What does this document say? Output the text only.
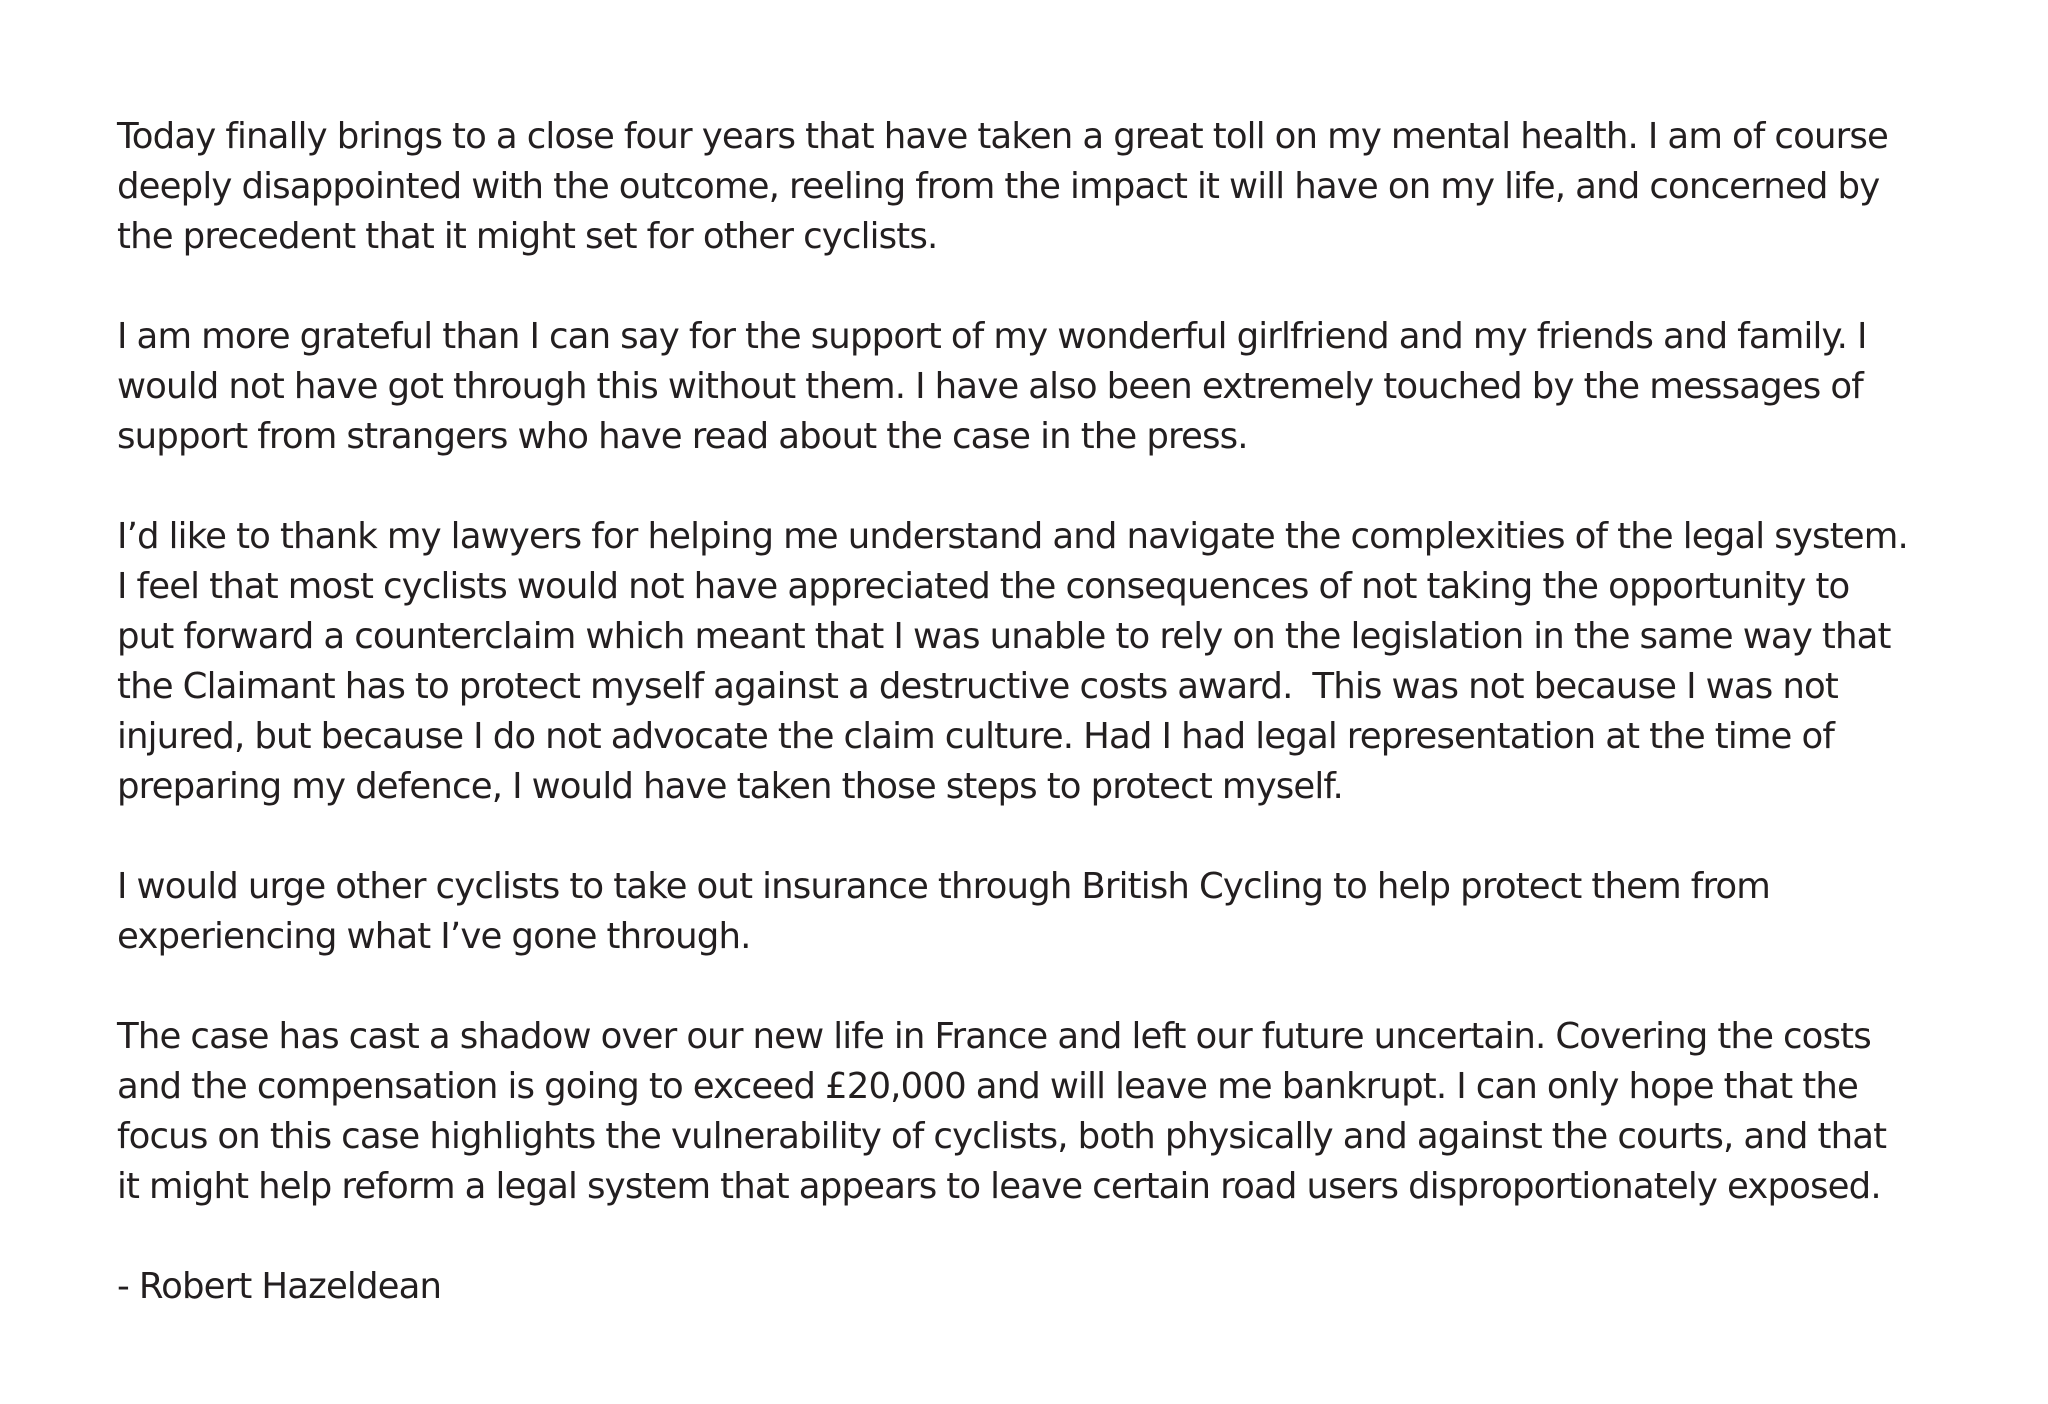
Today finally brings to a close four years that have taken a great toll on my mental health. I am of course
deeply disappointed with the outcome, reeling from the impact it will have on my life, and concerned by
the precedent that it might set for other cyclists.

I am more grateful than I can say for the support of my wonderful girlfriend and my friends and family. I
would not have got through this without them. I have also been extremely touched by the messages of
support from strangers who have read about the case in the press.

I’d like to thank my lawyers for helping me understand and navigate the complexities of the legal system.
I feel that most cyclists would not have appreciated the consequences of not taking the opportunity to
put forward a counterclaim which meant that I was unable to rely on the legislation in the same way that
the Claimant has to protect myself against a destructive costs award.  This was not because I was not
injured, but because I do not advocate the claim culture. Had I had legal representation at the time of
preparing my defence, I would have taken those steps to protect myself.

I would urge other cyclists to take out insurance through British Cycling to help protect them from
experiencing what I’ve gone through.

The case has cast a shadow over our new life in France and left our future uncertain. Covering the costs
and the compensation is going to exceed £20,000 and will leave me bankrupt. I can only hope that the
focus on this case highlights the vulnerability of cyclists, both physically and against the courts, and that
it might help reform a legal system that appears to leave certain road users disproportionately exposed.

- Robert Hazeldean
